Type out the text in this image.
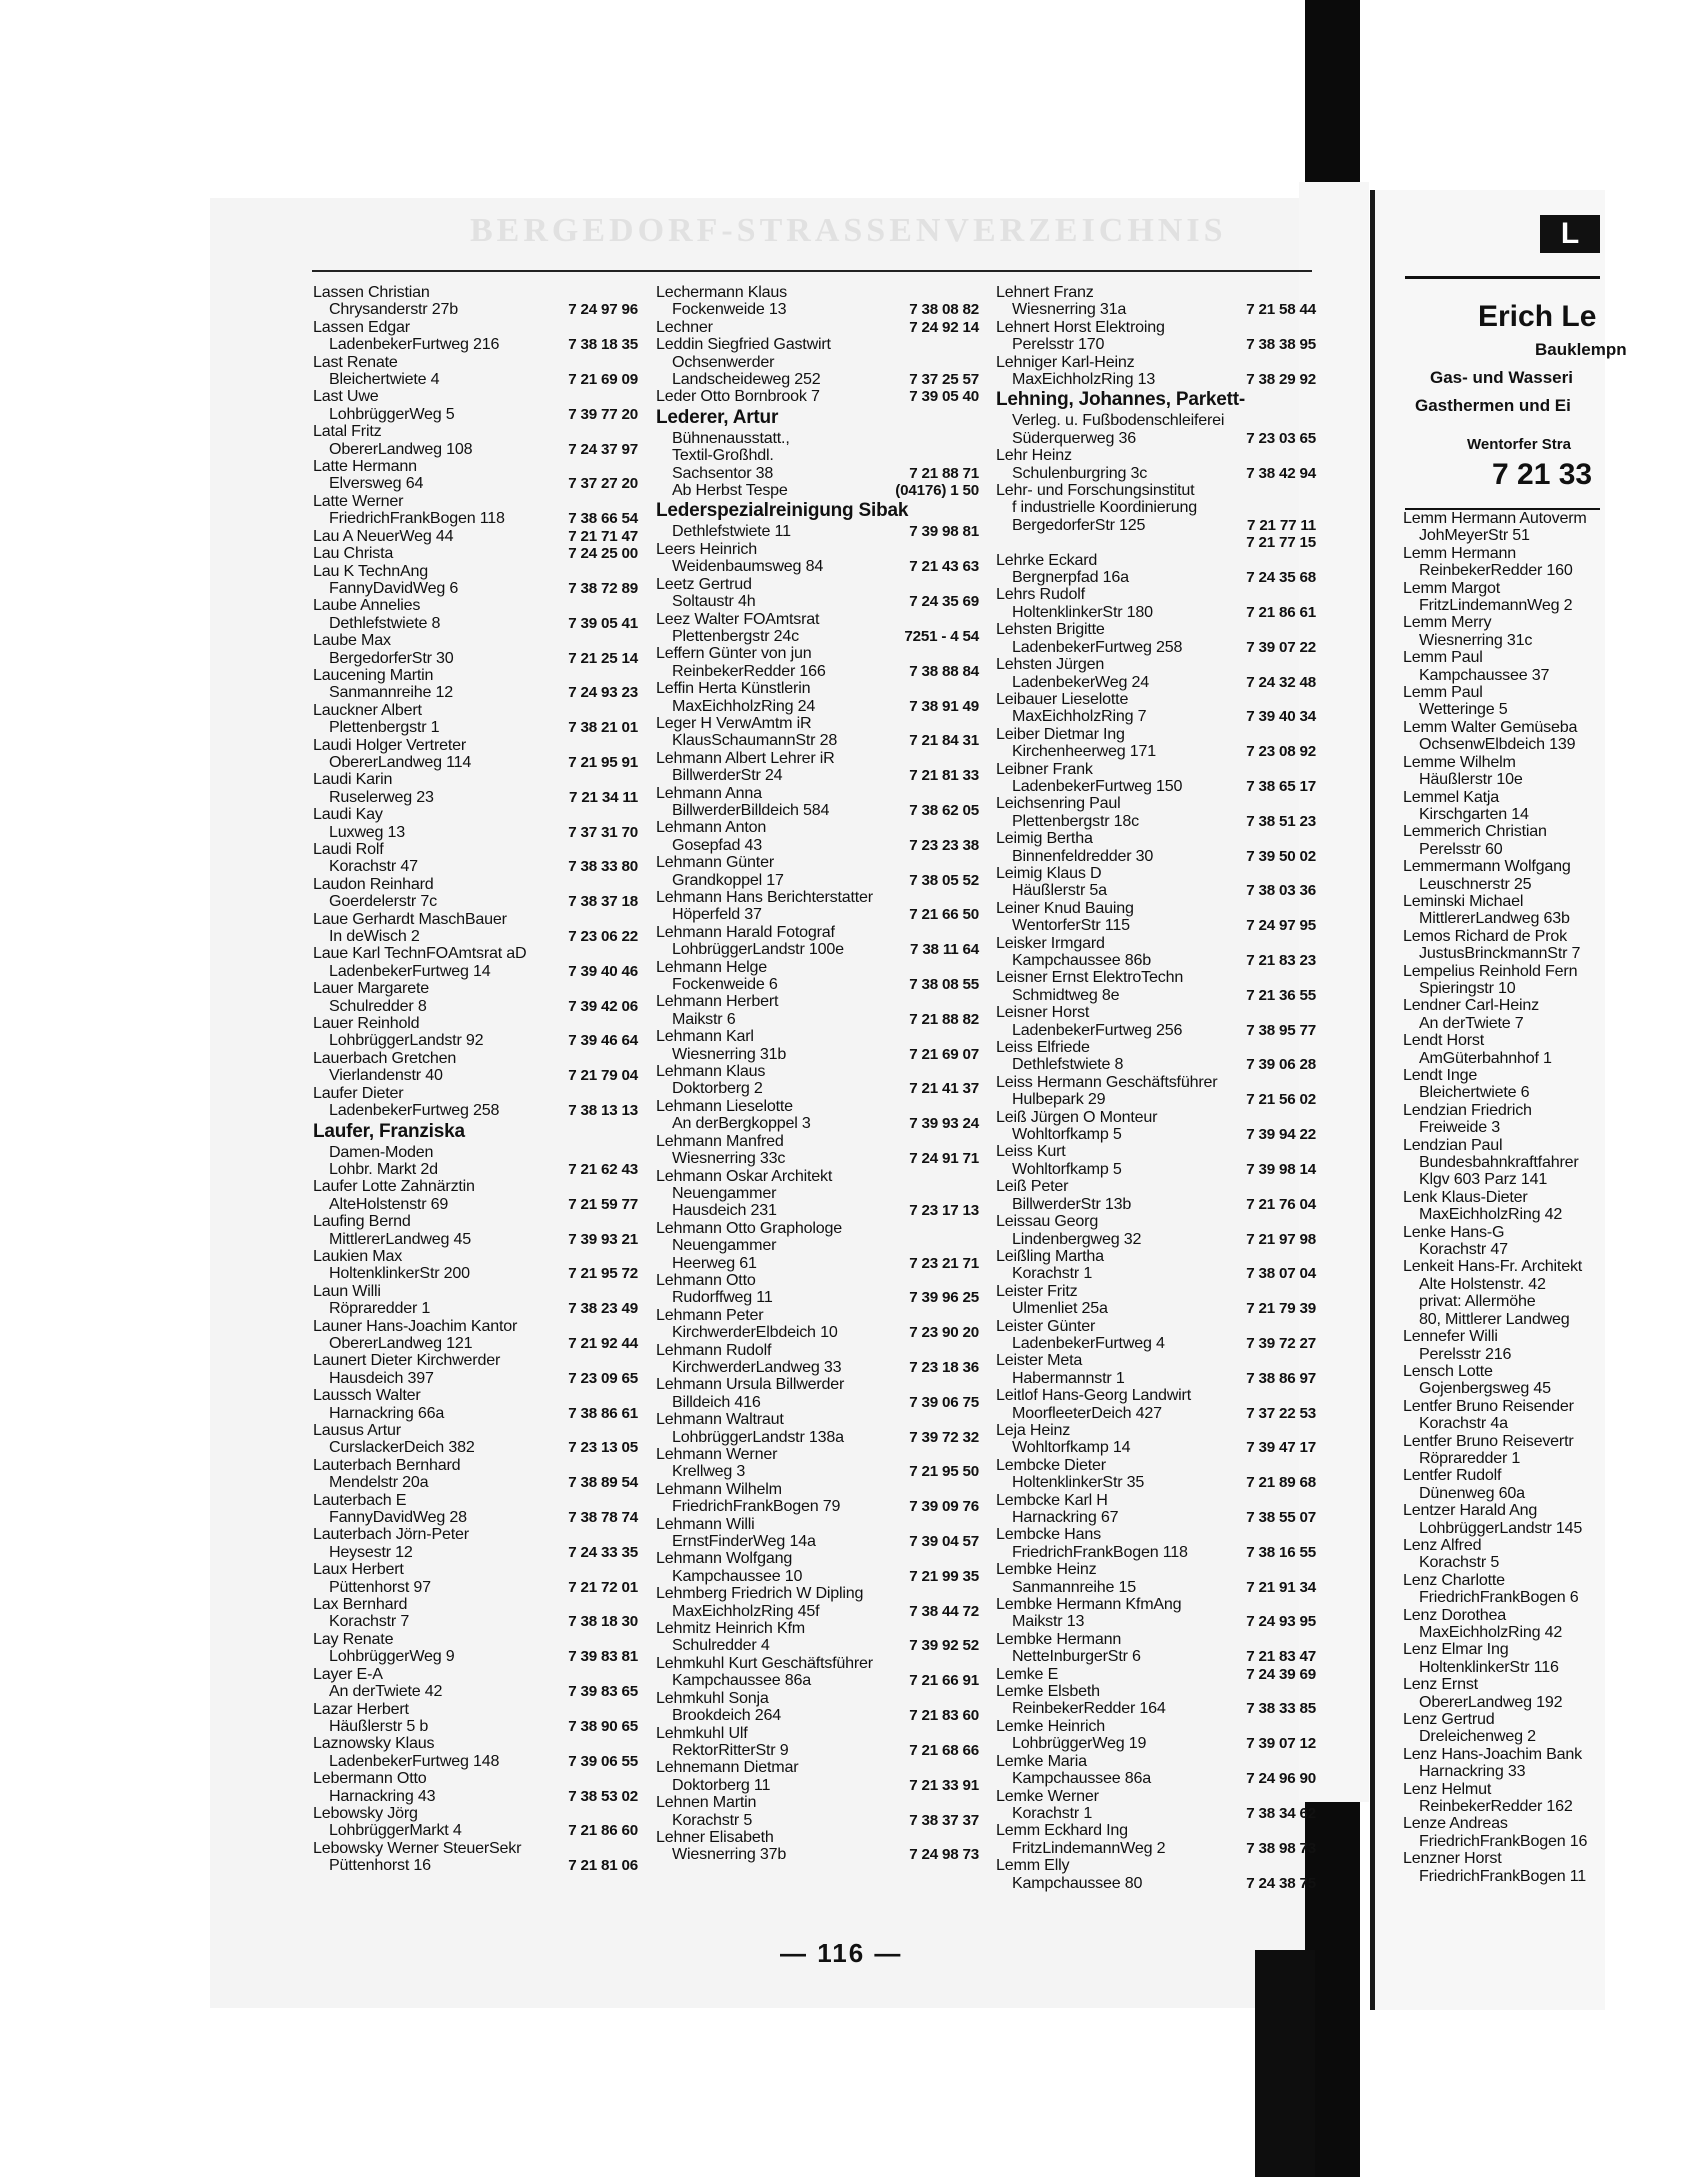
BERGEDORF-STRASSENVERZEICHNIS
Lassen Christian
Chrysanderstr 27b	7 24 97 96
Lassen Edgar
LadenbekerFurtweg 216	7 38 18 35
Last Renate
Bleichertwiete 4	7 21 69 09
Last Uwe
LohbrüggerWeg 5	7 39 77 20
Latal Fritz
ObererLandweg 108	7 24 37 97
Latte Hermann
Elversweg 64	7 37 27 20
Latte Werner
FriedrichFrankBogen 118	7 38 66 54
Lau A NeuerWeg 44	7 21 71 47
Lau Christa	7 24 25 00
Lau K TechnAng
FannyDavidWeg 6	7 38 72 89
Laube Annelies
Dethlefstwiete 8	7 39 05 41
Laube Max
BergedorferStr 30	7 21 25 14
Laucening Martin
Sanmannreihe 12	7 24 93 23
Lauckner Albert
Plettenbergstr 1	7 38 21 01
Laudi Holger Vertreter
ObererLandweg 114	7 21 95 91
Laudi Karin
Ruselerweg 23	7 21 34 11
Laudi Kay
Luxweg 13	7 37 31 70
Laudi Rolf
Korachstr 47	7 38 33 80
Laudon Reinhard
Goerdelerstr 7c	7 38 37 18
Laue Gerhardt MaschBauer
In deWisch 2	7 23 06 22
Laue Karl TechnFOAmtsrat aD
LadenbekerFurtweg 14	7 39 40 46
Lauer Margarete
Schulredder 8	7 39 42 06
Lauer Reinhold
LohbrüggerLandstr 92	7 39 46 64
Lauerbach Gretchen
Vierlandenstr 40	7 21 79 04
Laufer Dieter
LadenbekerFurtweg 258	7 38 13 13
Laufer, Franziska
Damen-Moden
Lohbr. Markt 2d	7 21 62 43
Laufer Lotte Zahnärztin
AlteHolstenstr 69	7 21 59 77
Laufing Bernd
MittlererLandweg 45	7 39 93 21
Laukien Max
HoltenklinkerStr 200	7 21 95 72
Laun Willi
Röpraredder 1	7 38 23 49
Launer Hans-Joachim Kantor
ObererLandweg 121	7 21 92 44
Launert Dieter Kirchwerder
Hausdeich 397	7 23 09 65
Laussch Walter
Harnackring 66a	7 38 86 61
Lausus Artur
CurslackerDeich 382	7 23 13 05
Lauterbach Bernhard
Mendelstr 20a	7 38 89 54
Lauterbach E
FannyDavidWeg 28	7 38 78 74
Lauterbach Jörn-Peter
Heysestr 12	7 24 33 35
Laux Herbert
Püttenhorst 97	7 21 72 01
Lax Bernhard
Korachstr 7	7 38 18 30
Lay Renate
LohbrüggerWeg 9	7 39 83 81
Layer E-A
An derTwiete 42	7 39 83 65
Lazar Herbert
Häußlerstr 5 b	7 38 90 65
Laznowsky Klaus
LadenbekerFurtweg 148	7 39 06 55
Lebermann Otto
Harnackring 43	7 38 53 02
Lebowsky Jörg
LohbrüggerMarkt 4	7 21 86 60
Lebowsky Werner SteuerSekr
Püttenhorst 16	7 21 81 06
Lechermann Klaus
Fockenweide 13	7 38 08 82
Lechner	7 24 92 14
Leddin Siegfried Gastwirt
Ochsenwerder
Landscheideweg 252	7 37 25 57
Leder Otto Bornbrook 7	7 39 05 40
Lederer, Artur
Bühnenausstatt.,
Textil-Großhdl.
Sachsentor 38	7 21 88 71
Ab Herbst Tespe	(04176) 1 50
Lederspezialreinigung Sibak
Dethlefstwiete 11	7 39 98 81
Leers Heinrich
Weidenbaumsweg 84	7 21 43 63
Leetz Gertrud
Soltaustr 4h	7 24 35 69
Leez Walter FOAmtsrat
Plettenbergstr 24c	7251 - 4 54
Leffern Günter von jun
ReinbekerRedder 166	7 38 88 84
Leffin Herta Künstlerin
MaxEichholzRing 24	7 38 91 49
Leger H VerwAmtm iR
KlausSchaumannStr 28	7 21 84 31
Lehmann Albert Lehrer iR
BillwerderStr 24	7 21 81 33
Lehmann Anna
BillwerderBilldeich 584	7 38 62 05
Lehmann Anton
Gosepfad 43	7 23 23 38
Lehmann Günter
Grandkoppel 17	7 38 05 52
Lehmann Hans Berichterstatter
Höperfeld 37	7 21 66 50
Lehmann Harald Fotograf
LohbrüggerLandstr 100e	7 38 11 64
Lehmann Helge
Fockenweide 6	7 38 08 55
Lehmann Herbert
Maikstr 6	7 21 88 82
Lehmann Karl
Wiesnerring 31b	7 21 69 07
Lehmann Klaus
Doktorberg 2	7 21 41 37
Lehmann Lieselotte
An derBergkoppel 3	7 39 93 24
Lehmann Manfred
Wiesnerring 33c	7 24 91 71
Lehmann Oskar Architekt
Neuengammer
Hausdeich 231	7 23 17 13
Lehmann Otto Graphologe
Neuengammer
Heerweg 61	7 23 21 71
Lehmann Otto
Rudorffweg 11	7 39 96 25
Lehmann Peter
KirchwerderElbdeich 10	7 23 90 20
Lehmann Rudolf
KirchwerderLandweg 33	7 23 18 36
Lehmann Ursula Billwerder
Billdeich 416	7 39 06 75
Lehmann Waltraut
LohbrüggerLandstr 138a	7 39 72 32
Lehmann Werner
Krellweg 3	7 21 95 50
Lehmann Wilhelm
FriedrichFrankBogen 79	7 39 09 76
Lehmann Willi
ErnstFinderWeg 14a	7 39 04 57
Lehmann Wolfgang
Kampchaussee 10	7 21 99 35
Lehmberg Friedrich W Dipling
MaxEichholzRing 45f	7 38 44 72
Lehmitz Heinrich Kfm
Schulredder 4	7 39 92 52
Lehmkuhl Kurt Geschäftsführer
Kampchaussee 86a	7 21 66 91
Lehmkuhl Sonja
Brookdeich 264	7 21 83 60
Lehmkuhl Ulf
RektorRitterStr 9	7 21 68 66
Lehnemann Dietmar
Doktorberg 11	7 21 33 91
Lehnen Martin
Korachstr 5	7 38 37 37
Lehner Elisabeth
Wiesnerring 37b	7 24 98 73
Lehnert Franz
Wiesnerring 31a	7 21 58 44
Lehnert Horst Elektroing
Perelsstr 170	7 38 38 95
Lehniger Karl-Heinz
MaxEichholzRing 13	7 38 29 92
Lehning, Johannes, Parkett-
Verleg. u. Fußbodenschleiferei
Süderquerweg 36	7 23 03 65
Lehr Heinz
Schulenburgring 3c	7 38 42 94
Lehr- und Forschungsinstitut
f industrielle Koordinierung
BergedorferStr 125	7 21 77 11
7 21 77 15
Lehrke Eckard
Bergnerpfad 16a	7 24 35 68
Lehrs Rudolf
HoltenklinkerStr 180	7 21 86 61
Lehsten Brigitte
LadenbekerFurtweg 258	7 39 07 22
Lehsten Jürgen
LadenbekerWeg 24	7 24 32 48
Leibauer Lieselotte
MaxEichholzRing 7	7 39 40 34
Leiber Dietmar Ing
Kirchenheerweg 171	7 23 08 92
Leibner Frank
LadenbekerFurtweg 150	7 38 65 17
Leichsenring Paul
Plettenbergstr 18c	7 38 51 23
Leimig Bertha
Binnenfeldredder 30	7 39 50 02
Leimig Klaus D
Häußlerstr 5a	7 38 03 36
Leiner Knud Bauing
WentorferStr 115	7 24 97 95
Leisker Irmgard
Kampchaussee 86b	7 21 83 23
Leisner Ernst ElektroTechn
Schmidtweg 8e	7 21 36 55
Leisner Horst
LadenbekerFurtweg 256	7 38 95 77
Leiss Elfriede
Dethlefstwiete 8	7 39 06 28
Leiss Hermann Geschäftsführer
Hulbepark 29	7 21 56 02
Leiß Jürgen O Monteur
Wohltorfkamp 5	7 39 94 22
Leiss Kurt
Wohltorfkamp 5	7 39 98 14
Leiß Peter
BillwerderStr 13b	7 21 76 04
Leissau Georg
Lindenbergweg 32	7 21 97 98
Leißling Martha
Korachstr 1	7 38 07 04
Leister Fritz
Ulmenliet 25a	7 21 79 39
Leister Günter
LadenbekerFurtweg 4	7 39 72 27
Leister Meta
Habermannstr 1	7 38 86 97
Leitlof Hans-Georg Landwirt
MoorfleeterDeich 427	7 37 22 53
Leja Heinz
Wohltorfkamp 14	7 39 47 17
Lembcke Dieter
HoltenklinkerStr 35	7 21 89 68
Lembcke Karl H
Harnackring 67	7 38 55 07
Lembcke Hans
FriedrichFrankBogen 118	7 38 16 55
Lembke Heinz
Sanmannreihe 15	7 21 91 34
Lembke Hermann KfmAng
Maikstr 13	7 24 93 95
Lembke Hermann
NetteInburgerStr 6	7 21 83 47
Lemke E	7 24 39 69
Lemke Elsbeth
ReinbekerRedder 164	7 38 33 85
Lemke Heinrich
LohbrüggerWeg 19	7 39 07 12
Lemke Maria
Kampchaussee 86a	7 24 96 90
Lemke Werner
Korachstr 1	7 38 34 62
Lemm Eckhard Ing
FritzLindemannWeg 2	7 38 98 73
Lemm Elly
Kampchaussee 80	7 24 38 75
— 116 —
L
Erich Le
Bauklempn
Gas- und Wasseri
Gasthermen und Ei
Wentorfer Stra
7 21 33
Lemm Hermann Autoverm
JohMeyerStr 51
Lemm Hermann
ReinbekerRedder 160
Lemm Margot
FritzLindemannWeg 2
Lemm Merry
Wiesnerring 31c
Lemm Paul
Kampchaussee 37
Lemm Paul
Wetteringe 5
Lemm Walter Gemüseba
OchsenwElbdeich 139
Lemme Wilhelm
Häußlerstr 10e
Lemmel Katja
Kirschgarten 14
Lemmerich Christian
Perelsstr 60
Lemmermann Wolfgang
Leuschnerstr 25
Leminski Michael
MittlererLandweg 63b
Lemos Richard de Prok
JustusBrinckmannStr 7
Lempelius Reinhold Fern
Spieringstr 10
Lendner Carl-Heinz
An derTwiete 7
Lendt Horst
AmGüterbahnhof 1
Lendt Inge
Bleichertwiete 6
Lendzian Friedrich
Freiweide 3
Lendzian Paul
Bundesbahnkraftfahrer
Klgv 603 Parz 141
Lenk Klaus-Dieter
MaxEichholzRing 42
Lenke Hans-G
Korachstr 47
Lenkeit Hans-Fr. Architekt
Alte Holstenstr. 42
privat: Allermöhe
80, Mittlerer Landweg
Lennefer Willi
Perelsstr 216
Lensch Lotte
Gojenbergsweg 45
Lentfer Bruno Reisender
Korachstr 4a
Lentfer Bruno Reisevertr
Röpraredder 1
Lentfer Rudolf
Dünenweg 60a
Lentzer Harald Ang
LohbrüggerLandstr 145
Lenz Alfred
Korachstr 5
Lenz Charlotte
FriedrichFrankBogen 6
Lenz Dorothea
MaxEichholzRing 42
Lenz Elmar Ing
HoltenklinkerStr 116
Lenz Ernst
ObererLandweg 192
Lenz Gertrud
Dreleichenweg 2
Lenz Hans-Joachim Bank
Harnackring 33
Lenz Helmut
ReinbekerRedder 162
Lenze Andreas
FriedrichFrankBogen 16
Lenzner Horst
FriedrichFrankBogen 11
